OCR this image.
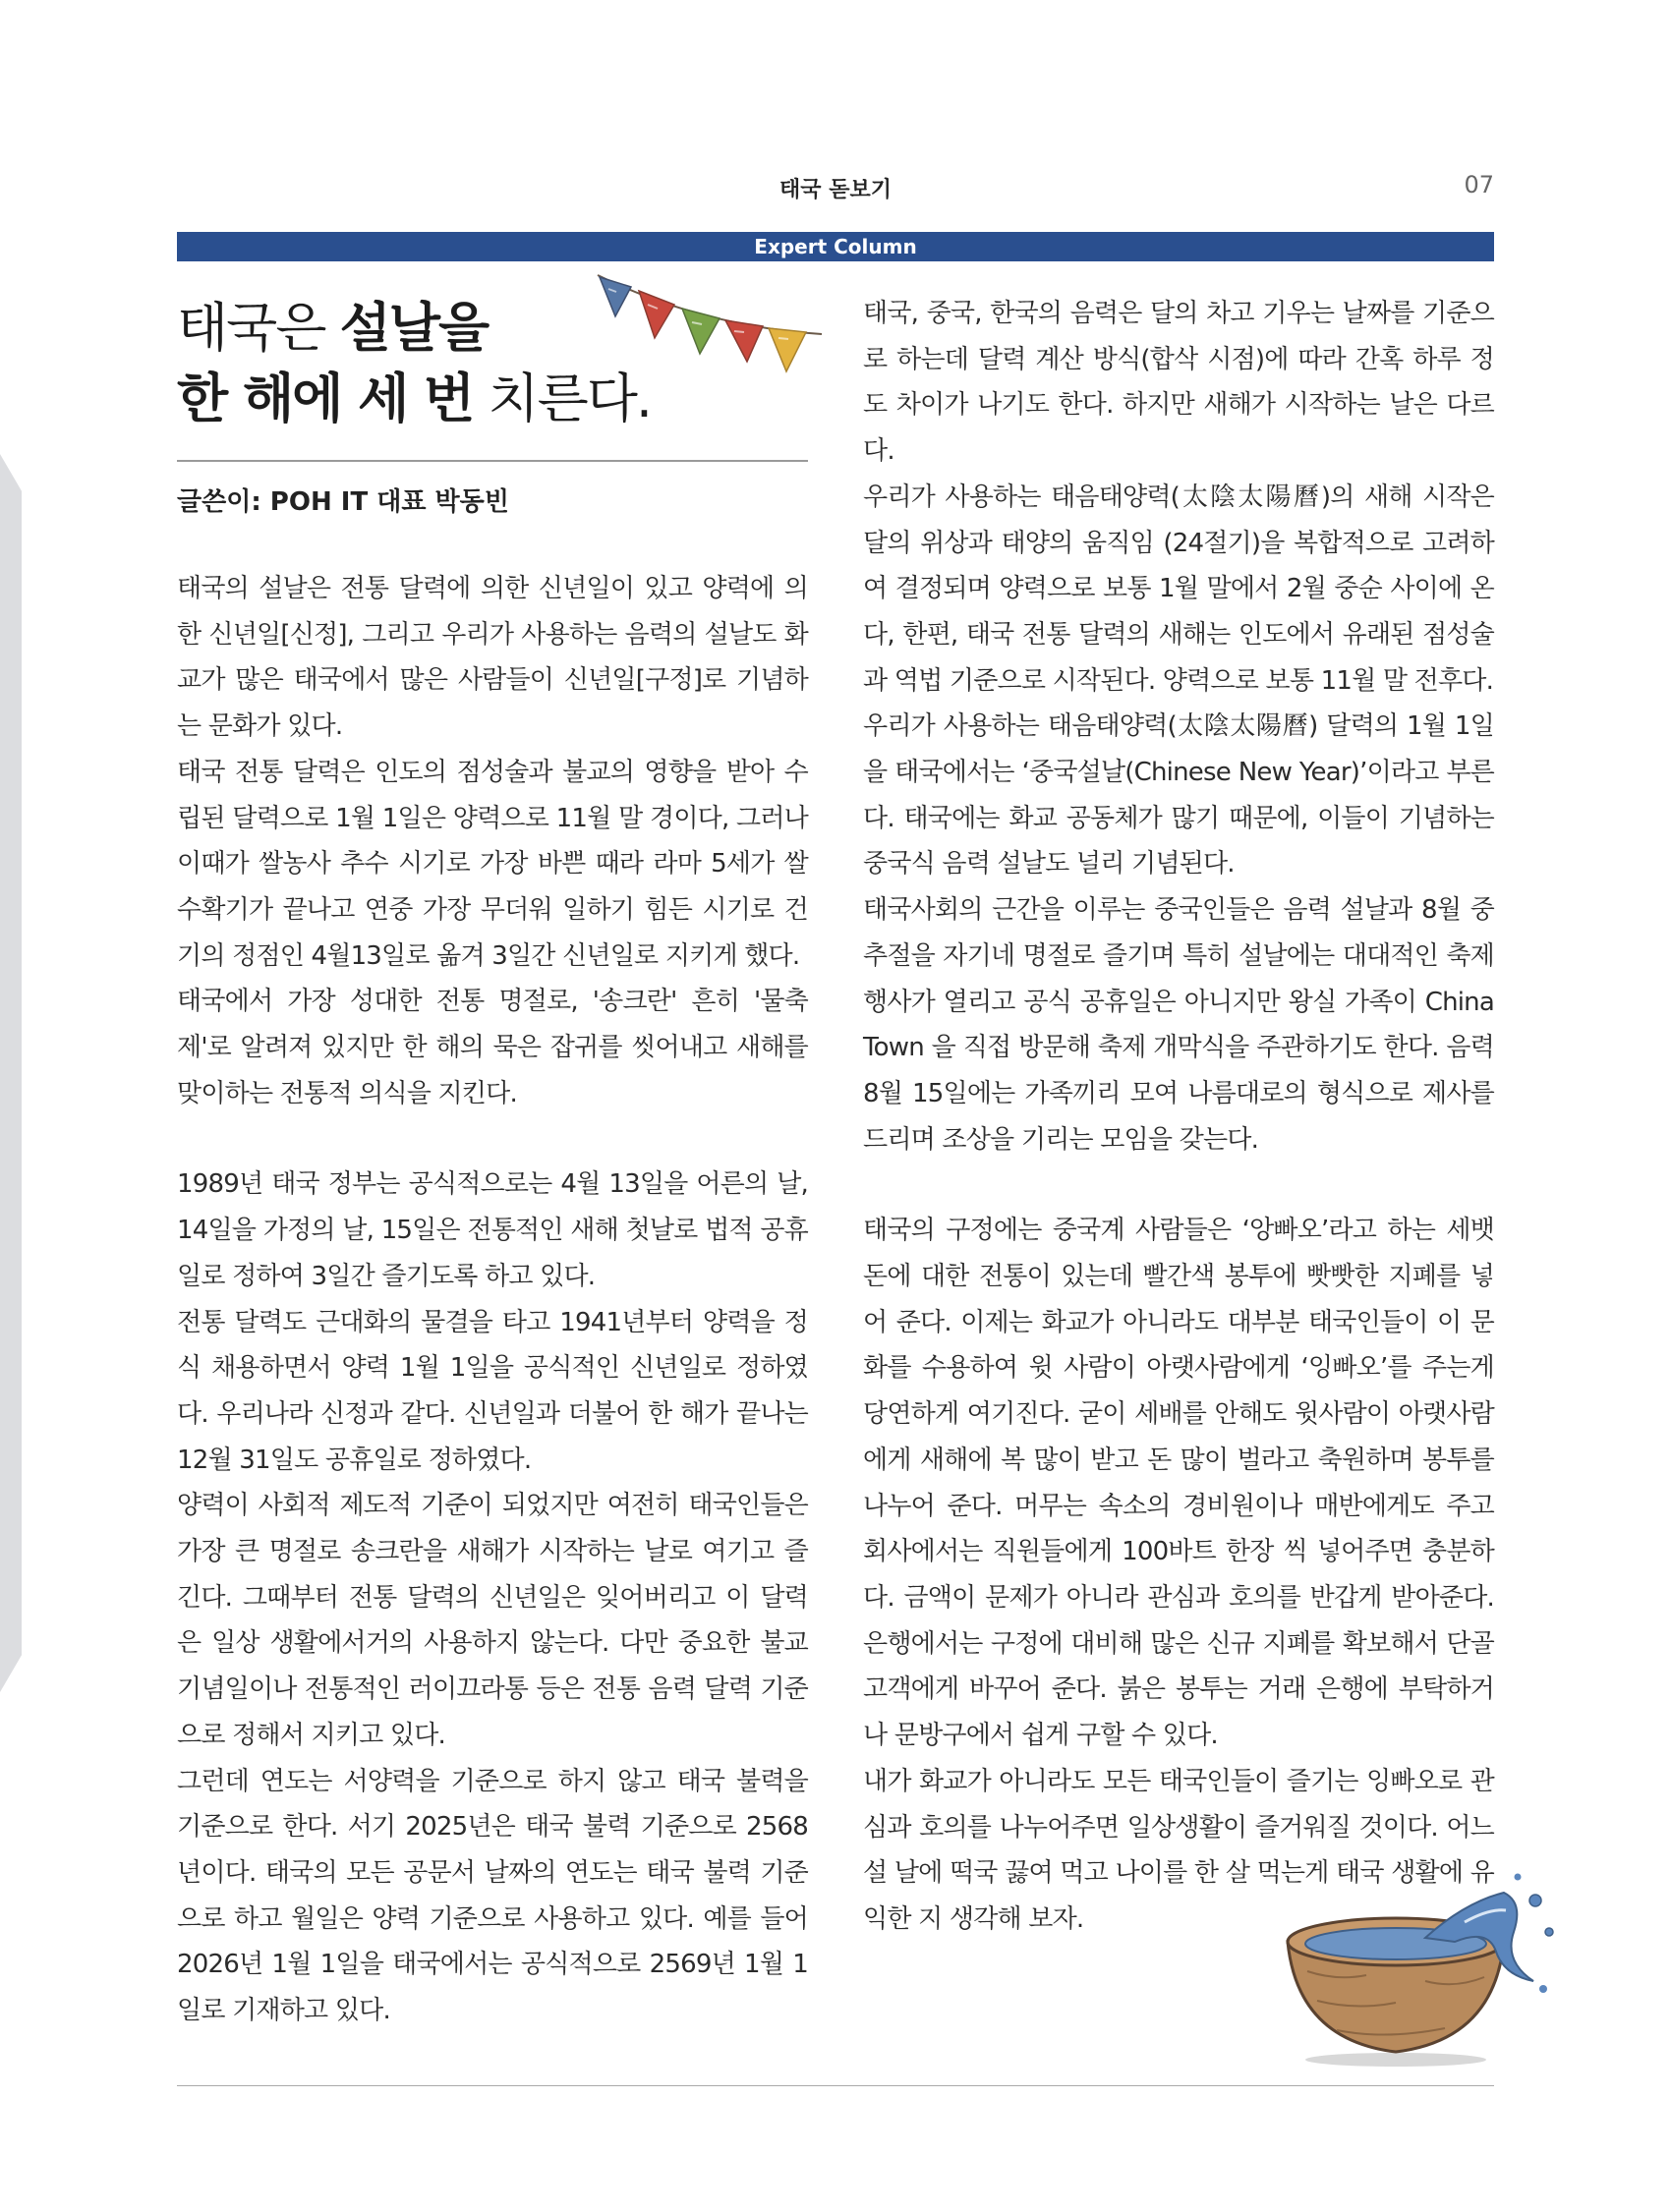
태국 돋보기	07
Expert Column
태국은 설날을
한 해에 세 번 치른다.
글쓴이: POH IT 대표 박동빈

태국의 설날은 전통 달력에 의한 신년일이 있고 양력에 의한 신년일[신정], 그리고 우리가 사용하는 음력의 설날도 화교가 많은 태국에서 많은 사람들이 신년일[구정]로 기념하는 문화가 있다.

태국 전통 달력은 인도의 점성술과 불교의 영향을 받아 수립된 달력으로 1월 1일은 양력으로 11월 말 경이다, 그러나 이때가 쌀농사 추수 시기로 가장 바쁜 때라 라마 5세가 쌀 수확기가 끝나고 연중 가장 무더워 일하기 힘든 시기로 건기의 정점인 4월13일로 옮겨 3일간 신년일로 지키게 했다.

태국에서 가장 성대한 전통 명절로, '송크란' 흔히 '물축제'로 알려져 있지만 한 해의 묵은 잡귀를 씻어내고 새해를 맞이하는 전통적 의식을 지킨다.

1989년 태국 정부는 공식적으로는 4월 13일을 어른의 날, 14일을 가정의 날, 15일은 전통적인 새해 첫날로 법적 공휴일로 정하여 3일간 즐기도록 하고 있다.

전통 달력도 근대화의 물결을 타고 1941년부터 양력을 정식 채용하면서 양력 1월 1일을 공식적인 신년일로 정하였다. 우리나라 신정과 같다. 신년일과 더불어 한 해가 끝나는 12월 31일도 공휴일로 정하였다.

양력이 사회적 제도적 기준이 되었지만 여전히 태국인들은 가장 큰 명절로 송크란을 새해가 시작하는 날로 여기고 즐긴다. 그때부터 전통 달력의 신년일은 잊어버리고 이 달력은 일상 생활에서거의 사용하지 않는다. 다만 중요한 불교 기념일이나 전통적인 러이끄라통 등은 전통 음력 달력 기준으로 정해서 지키고 있다.

그런데 연도는 서양력을 기준으로 하지 않고 태국 불력을 기준으로 한다. 서기 2025년은 태국 불력 기준으로 2568년이다. 태국의 모든 공문서 날짜의 연도는 태국 불력 기준으로 하고 월일은 양력 기준으로 사용하고 있다. 예를 들어 2026년 1월 1일을 태국에서는 공식적으로 2569년 1월 1일로 기재하고 있다.

태국, 중국, 한국의 음력은 달의 차고 기우는 날짜를 기준으로 하는데 달력 계산 방식(합삭 시점)에 따라 간혹 하루 정도 차이가 나기도 한다. 하지만 새해가 시작하는 날은 다르다.

우리가 사용하는 태음태양력(太陰太陽曆)의 새해 시작은 달의 위상과 태양의 움직임 (24절기)을 복합적으로 고려하여 결정되며 양력으로 보통 1월 말에서 2월 중순 사이에 온다, 한편, 태국 전통 달력의 새해는 인도에서 유래된 점성술과 역법 기준으로 시작된다. 양력으로 보통 11월 말 전후다.

우리가 사용하는 태음태양력(太陰太陽曆) 달력의 1월 1일을 태국에서는 ‘중국설날(Chinese New Year)’이라고 부른다. 태국에는 화교 공동체가 많기 때문에, 이들이 기념하는 중국식 음력 설날도 널리 기념된다.

태국사회의 근간을 이루는 중국인들은 음력 설날과 8월 중추절을 자기네 명절로 즐기며 특히 설날에는 대대적인 축제 행사가 열리고 공식 공휴일은 아니지만 왕실 가족이 China Town 을 직접 방문해 축제 개막식을 주관하기도 한다. 음력 8월 15일에는 가족끼리 모여 나름대로의 형식으로 제사를 드리며 조상을 기리는 모임을 갖는다.

태국의 구정에는 중국계 사람들은 ‘앙빠오’라고 하는 세뱃돈에 대한 전통이 있는데 빨간색 봉투에 빳빳한 지폐를 넣어 준다. 이제는 화교가 아니라도 대부분 태국인들이 이 문화를 수용하여 윗 사람이 아랫사람에게 ‘잉빠오’를 주는게 당연하게 여기진다. 굳이 세배를 안해도 윗사람이 아랫사람에게 새해에 복 많이 받고 돈 많이 벌라고 축원하며 봉투를 나누어 준다. 머무는 속소의 경비원이나 매반에게도 주고 회사에서는 직원들에게 100바트 한장 씩 넣어주면 충분하다. 금액이 문제가 아니라 관심과 호의를 반갑게 받아준다. 은행에서는 구정에 대비해 많은 신규 지폐를 확보해서 단골 고객에게 바꾸어 준다. 붉은 봉투는 거래 은행에 부탁하거나 문방구에서 쉽게 구할 수 있다.

내가 화교가 아니라도 모든 태국인들이 즐기는 잉빠오로 관심과 호의를 나누어주면 일상생활이 즐거워질 것이다. 어느 설 날에 떡국 끓여 먹고 나이를 한 살 먹는게 태국 생활에 유익한 지 생각해 보자.
